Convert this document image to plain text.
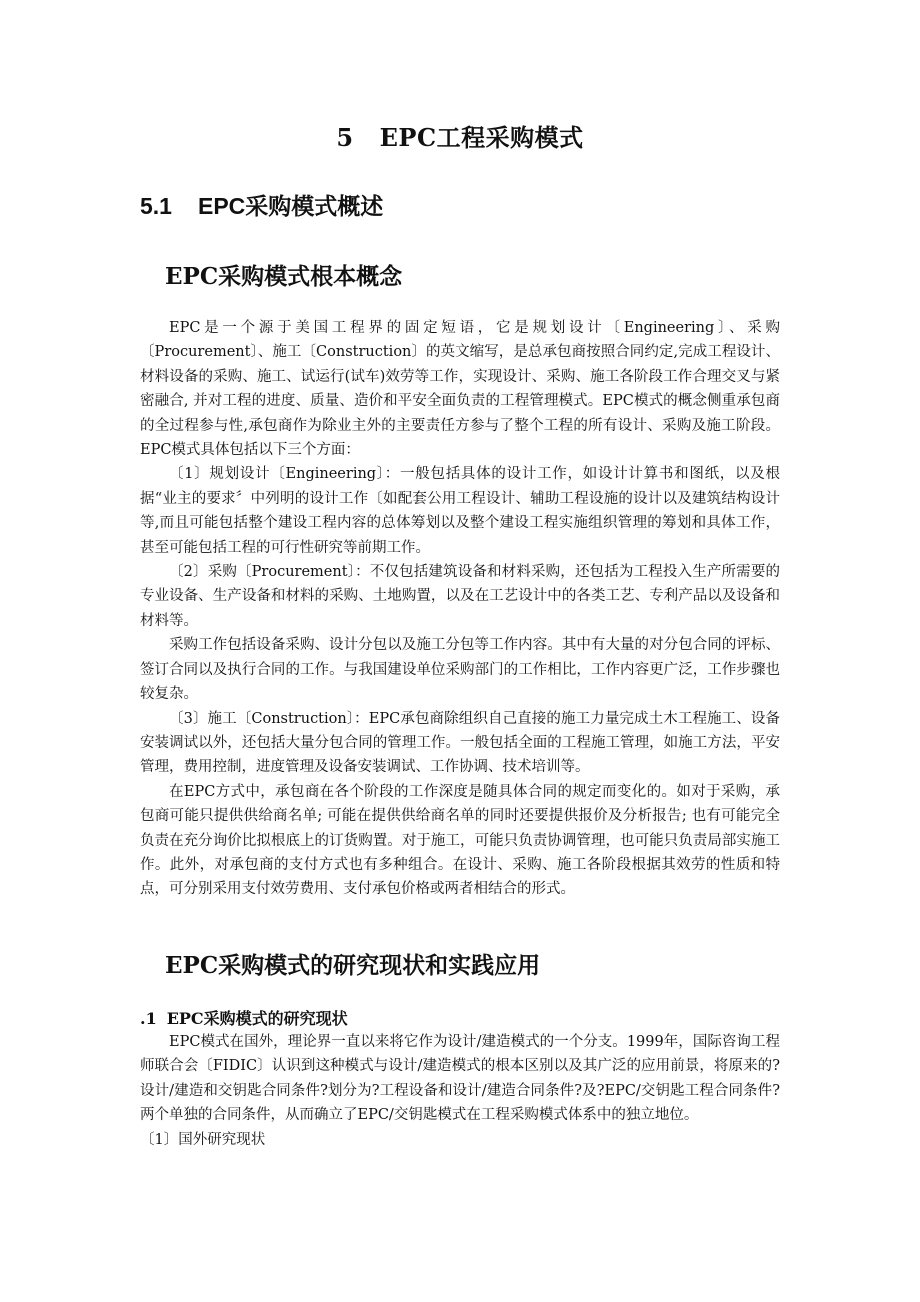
5 EPC工程采购模式
5.1 EPC采购模式概述
EPC采购模式根本概念

EPC是一个源于美国工程界的固定短语，它是规划设计〔Engineering〕、采购〔Procurement〕、施工〔Construction〕的英文缩写，是总承包商按照合同约定,完成工程设计、材料设备的采购、施工、试运行(试车)效劳等工作，实现设计、采购、施工各阶段工作合理交叉与紧密融合, 并对工程的进度、质量、造价和平安全面负责的工程管理模式。EPC模式的概念侧重承包商的全过程参与性,承包商作为除业主外的主要责任方参与了整个工程的所有设计、采购及施工阶段。EPC模式具体包括以下三个方面：

〔1〕规划设计〔Engineering〕：一般包括具体的设计工作，如设计计算书和图纸，以及根据“业主的要求〞中列明的设计工作〔如配套公用工程设计、辅助工程设施的设计以及建筑结构设计等,而且可能包括整个建设工程内容的总体筹划以及整个建设工程实施组织管理的筹划和具体工作，甚至可能包括工程的可行性研究等前期工作。

〔2〕采购〔Procurement〕：不仅包括建筑设备和材料采购，还包括为工程投入生产所需要的专业设备、生产设备和材料的采购、土地购置，以及在工艺设计中的各类工艺、专利产品以及设备和材料等。

采购工作包括设备采购、设计分包以及施工分包等工作内容。其中有大量的对分包合同的评标、签订合同以及执行合同的工作。与我国建设单位采购部门的工作相比，工作内容更广泛，工作步骤也较复杂。

〔3〕施工〔Construction〕：EPC承包商除组织自己直接的施工力量完成土木工程施工、设备安装调试以外，还包括大量分包合同的管理工作。一般包括全面的工程施工管理，如施工方法，平安管理，费用控制，进度管理及设备安装调试、工作协调、技术培训等。

在EPC方式中，承包商在各个阶段的工作深度是随具体合同的规定而变化的。如对于采购，承包商可能只提供供给商名单; 可能在提供供给商名单的同时还要提供报价及分析报告; 也有可能完全负责在充分询价比拟根底上的订货购置。对于施工，可能只负责协调管理，也可能只负责局部实施工作。此外，对承包商的支付方式也有多种组合。在设计、采购、施工各阶段根据其效劳的性质和特点，可分别采用支付效劳费用、支付承包价格或两者相结合的形式。

EPC采购模式的研究现状和实践应用
.1 EPC采购模式的研究现状

EPC模式在国外，理论界一直以来将它作为设计/建造模式的一个分支。1999年，国际咨询工程师联合会〔FIDIC〕认识到这种模式与设计/建造模式的根本区别以及其广泛的应用前景，将原来的?设计/建造和交钥匙合同条件?划分为?工程设备和设计/建造合同条件?及?EPC/交钥匙工程合同条件?两个单独的合同条件，从而确立了EPC/交钥匙模式在工程采购模式体系中的独立地位。

〔1〕国外研究现状
